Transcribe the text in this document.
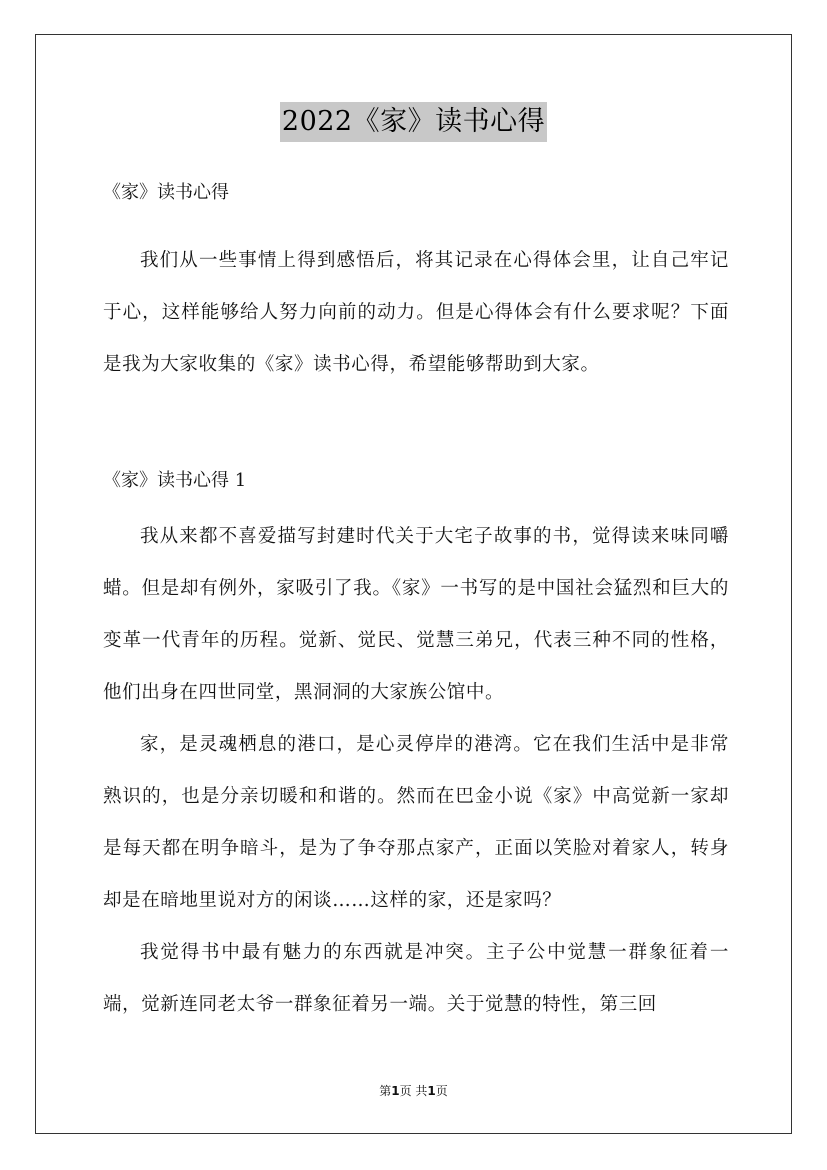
2022《家》读书心得

《家》读书心得

我们从一些事情上得到感悟后，将其记录在心得体会里，让自己牢记于心，这样能够给人努力向前的动力。但是心得体会有什么要求呢？下面是我为大家收集的《家》读书心得，希望能够帮助到大家。

《家》读书心得 1

我从来都不喜爱描写封建时代关于大宅子故事的书，觉得读来味同嚼蜡。但是却有例外，家吸引了我。《家》一书写的是中国社会猛烈和巨大的变革一代青年的历程。觉新、觉民、觉慧三弟兄，代表三种不同的性格，他们出身在四世同堂，黑洞洞的大家族公馆中。

家，是灵魂栖息的港口，是心灵停岸的港湾。它在我们生活中是非常熟识的，也是分亲切暖和和谐的。然而在巴金小说《家》中高觉新一家却是每天都在明争暗斗，是为了争夺那点家产，正面以笑脸对着家人，转身却是在暗地里说对方的闲谈……这样的家，还是家吗？

我觉得书中最有魅力的东西就是冲突。主子公中觉慧一群象征着一端，觉新连同老太爷一群象征着另一端。关于觉慧的特性，第三回

第1页 共1页
